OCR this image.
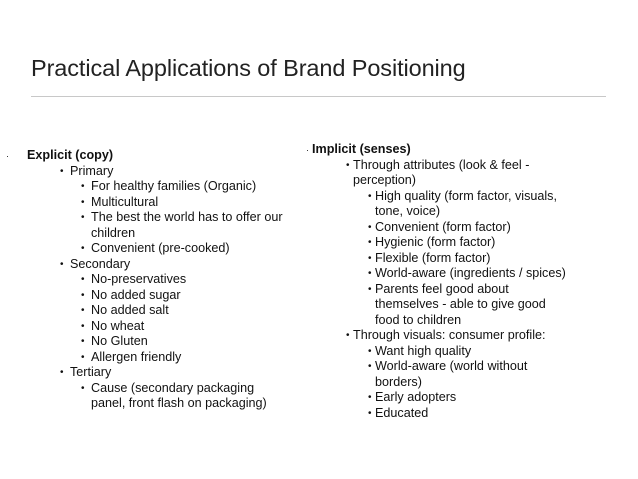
Practical Applications of Brand Positioning
· Explicit (copy)
• Primary
• For healthy families (Organic)
• Multicultural
• The best the world has to offer our
children
• Convenient (pre-cooked)
• Secondary
• No-preservatives
• No added sugar
• No added salt
• No wheat
• No Gluten
• Allergen friendly
• Tertiary
• Cause (secondary packaging
panel, front flash on packaging)
· Implicit (senses)
• Through attributes (look & feel -
perception)
• High quality (form factor, visuals,
tone, voice)
• Convenient (form factor)
• Hygienic (form factor)
• Flexible (form factor)
• World-aware (ingredients / spices)
• Parents feel good about
themselves - able to give good
food to children
• Through visuals: consumer profile:
• Want high quality
• World-aware (world without
borders)
• Early adopters
• Educated
